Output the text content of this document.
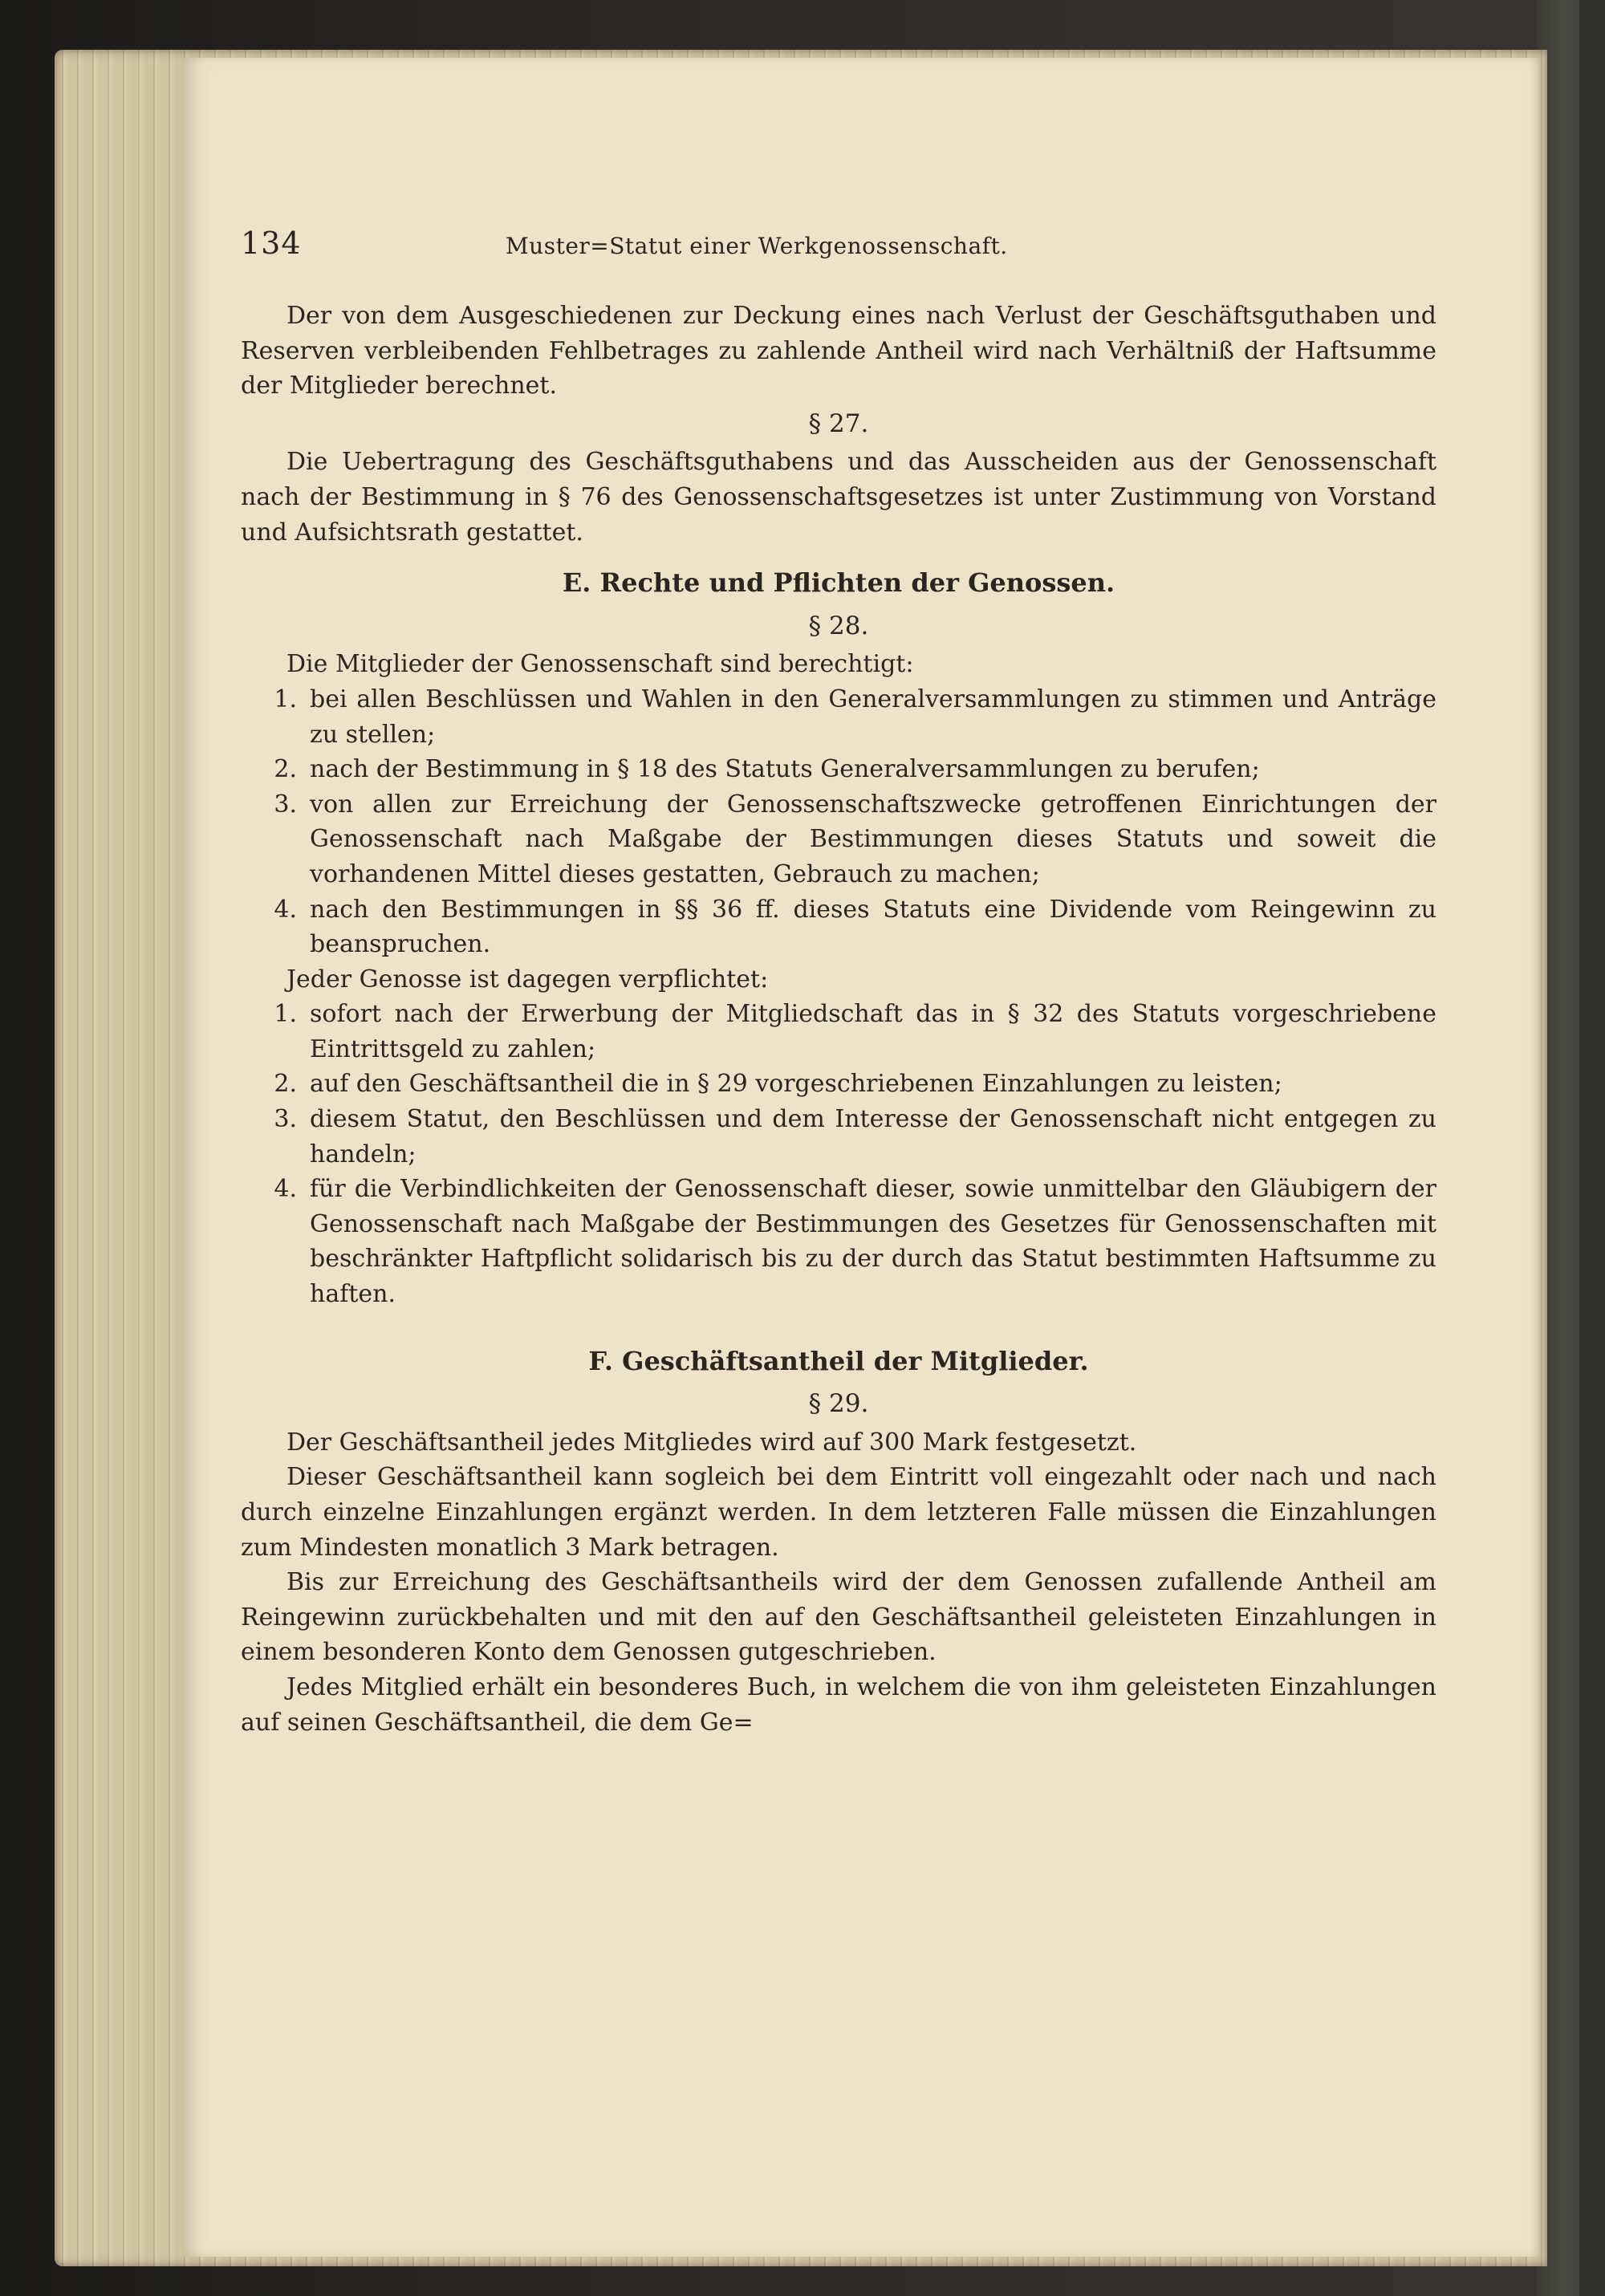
134	Muster=Statut einer Werkgenossenschaft.

Der von dem Ausgeschiedenen zur Deckung eines nach Verlust der Geschäftsguthaben und Reserven verbleibenden Fehlbetrages zu zahlende Antheil wird nach Verhältniß der Haftsumme der Mitglieder berechnet.

§ 27.

Die Uebertragung des Geschäftsguthabens und das Ausscheiden aus der Genossenschaft nach der Bestimmung in § 76 des Genossenschaftsgesetzes ist unter Zustimmung von Vorstand und Aufsichtsrath gestattet.

E. Rechte und Pflichten der Genossen.
§ 28.

Die Mitglieder der Genossenschaft sind berechtigt:

1. bei allen Beschlüssen und Wahlen in den Generalversammlungen zu stimmen und Anträge zu stellen;
2. nach der Bestimmung in § 18 des Statuts Generalversammlungen zu berufen;
3. von allen zur Erreichung der Genossenschaftszwecke getroffenen Einrichtungen der Genossenschaft nach Maßgabe der Bestimmungen dieses Statuts und soweit die vorhandenen Mittel dieses gestatten, Gebrauch zu machen;
4. nach den Bestimmungen in §§ 36 ff. dieses Statuts eine Dividende vom Reingewinn zu beanspruchen.

Jeder Genosse ist dagegen verpflichtet:

1. sofort nach der Erwerbung der Mitgliedschaft das in § 32 des Statuts vorgeschriebene Eintrittsgeld zu zahlen;
2. auf den Geschäftsantheil die in § 29 vorgeschriebenen Einzahlungen zu leisten;
3. diesem Statut, den Beschlüssen und dem Interesse der Genossenschaft nicht entgegen zu handeln;
4. für die Verbindlichkeiten der Genossenschaft dieser, sowie unmittelbar den Gläubigern der Genossenschaft nach Maßgabe der Bestimmungen des Gesetzes für Genossenschaften mit beschränkter Haftpflicht solidarisch bis zu der durch das Statut bestimmten Haftsumme zu haften.
F. Geschäftsantheil der Mitglieder.
§ 29.

Der Geschäftsantheil jedes Mitgliedes wird auf 300 Mark festgesetzt.

Dieser Geschäftsantheil kann sogleich bei dem Eintritt voll eingezahlt oder nach und nach durch einzelne Einzahlungen ergänzt werden. In dem letzteren Falle müssen die Einzahlungen zum Mindesten monatlich 3 Mark betragen.

Bis zur Erreichung des Geschäftsantheils wird der dem Genossen zufallende Antheil am Reingewinn zurückbehalten und mit den auf den Geschäftsantheil geleisteten Einzahlungen in einem besonderen Konto dem Genossen gutgeschrieben.

Jedes Mitglied erhält ein besonderes Buch, in welchem die von ihm geleisteten Einzahlungen auf seinen Geschäftsantheil, die dem Ge=
